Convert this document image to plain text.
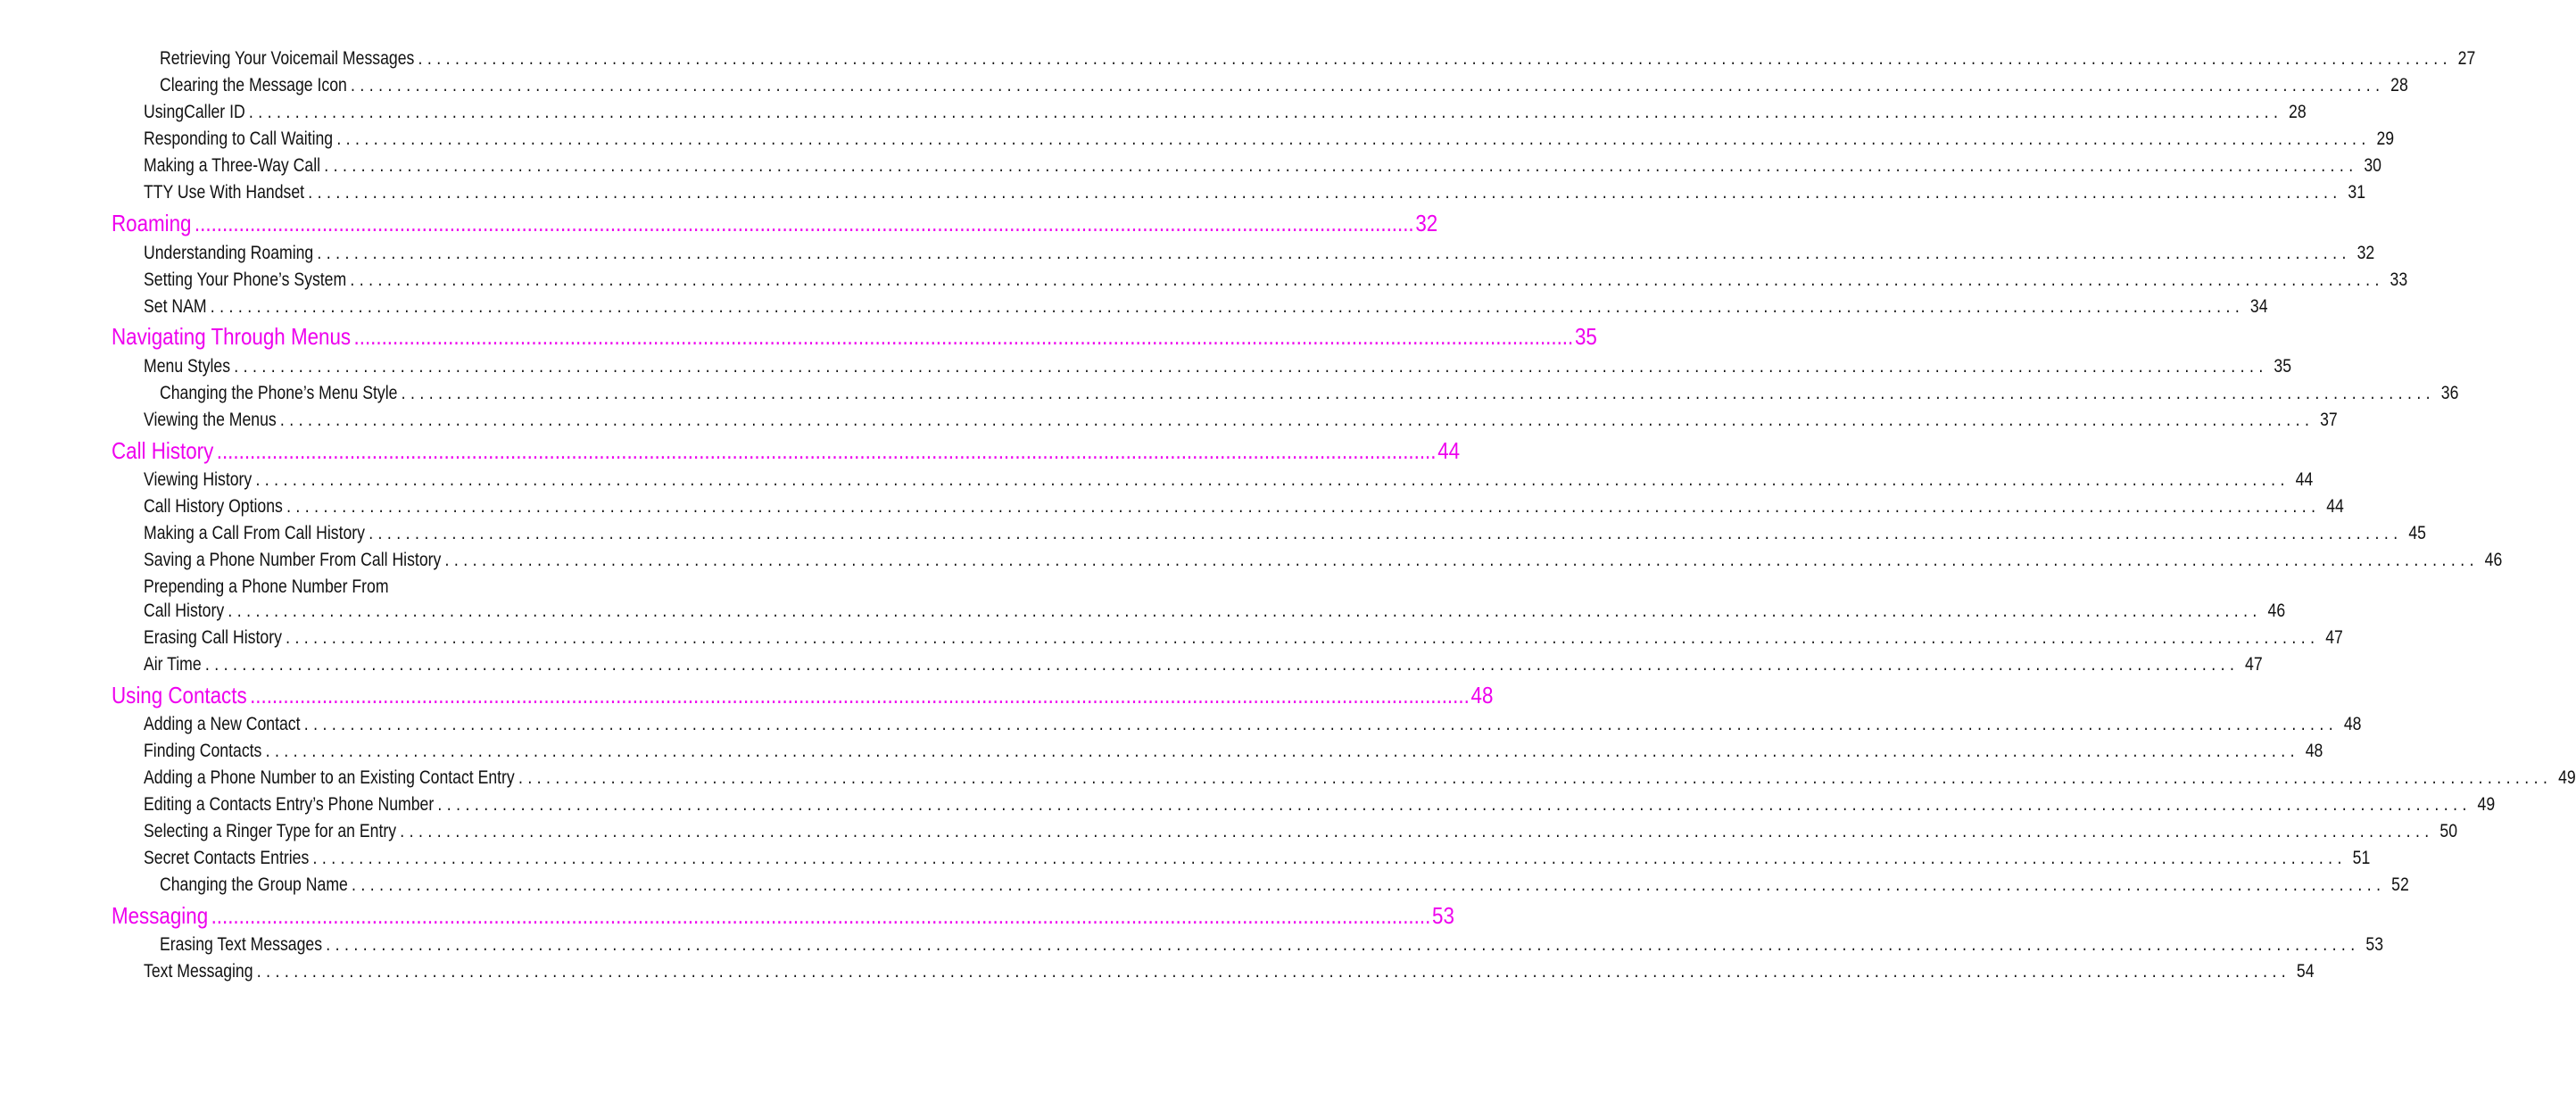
Retrieving Your Voicemail Messages ............................................................................................................................................................................................................................ 27
Clearing the Message Icon ............................................................................................................................................................................................................................ 28
UsingCaller ID ............................................................................................................................................................................................................................ 28
Responding to Call Waiting ............................................................................................................................................................................................................................ 29
Making a Three-Way Call ............................................................................................................................................................................................................................ 30
TTY Use With Handset ............................................................................................................................................................................................................................ 31
Roaming ............................................................................................................................................................................................................................ 32
Understanding Roaming ............................................................................................................................................................................................................................ 32
Setting Your Phone’s System ............................................................................................................................................................................................................................ 33
Set NAM ............................................................................................................................................................................................................................ 34
Navigating Through Menus ............................................................................................................................................................................................................................ 35
Menu Styles ............................................................................................................................................................................................................................ 35
Changing the Phone’s Menu Style ............................................................................................................................................................................................................................ 36
Viewing the Menus ............................................................................................................................................................................................................................ 37
Call History ............................................................................................................................................................................................................................ 44
Viewing History ............................................................................................................................................................................................................................ 44
Call History Options ............................................................................................................................................................................................................................ 44
Making a Call From Call History ............................................................................................................................................................................................................................ 45
Saving a Phone Number From Call History ............................................................................................................................................................................................................................ 46
Prepending a Phone Number From
Call History ............................................................................................................................................................................................................................ 46
Erasing Call History ............................................................................................................................................................................................................................ 47
Air Time ............................................................................................................................................................................................................................ 47
Using Contacts ............................................................................................................................................................................................................................ 48
Adding a New Contact ............................................................................................................................................................................................................................ 48
Finding Contacts ............................................................................................................................................................................................................................ 48
Adding a Phone Number to an Existing Contact Entry ............................................................................................................................................................................................................................ 49
Editing a Contacts Entry’s Phone Number ............................................................................................................................................................................................................................ 49
Selecting a Ringer Type for an Entry ............................................................................................................................................................................................................................ 50
Secret Contacts Entries ............................................................................................................................................................................................................................ 51
Changing the Group Name ............................................................................................................................................................................................................................ 52
Messaging ............................................................................................................................................................................................................................ 53
Erasing Text Messages ............................................................................................................................................................................................................................ 53
Text Messaging ............................................................................................................................................................................................................................ 54
